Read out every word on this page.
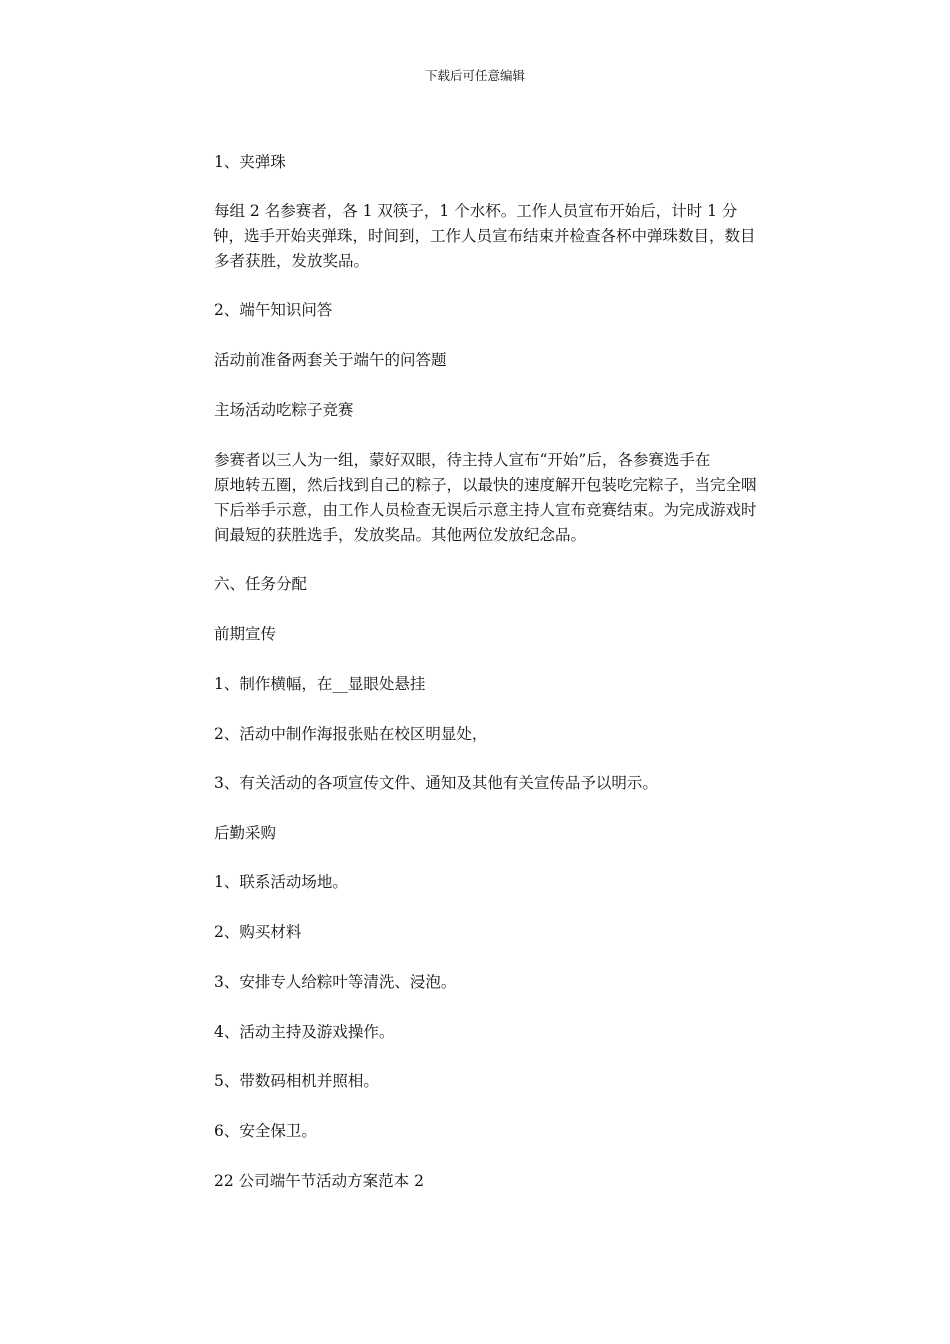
下载后可任意编辑

1、夹弹珠

每组 2 名参赛者，各 1 双筷子，1 个水杯。工作人员宣布开始后，计时 1 分
钟，选手开始夹弹珠，时间到，工作人员宣布结束并检查各杯中弹珠数目，数目
多者获胜，发放奖品。

2、端午知识问答

活动前准备两套关于端午的问答题

主场活动吃粽子竞赛

参赛者以三人为一组，蒙好双眼，待主持人宣布“开始”后，各参赛选手在
原地转五圈，然后找到自己的粽子，以最快的速度解开包装吃完粽子，当完全咽
下后举手示意，由工作人员检查无误后示意主持人宣布竞赛结束。为完成游戏时
间最短的获胜选手，发放奖品。其他两位发放纪念品。

六、任务分配

前期宣传

1、制作横幅，在__显眼处悬挂

2、活动中制作海报张贴在校区明显处，

3、有关活动的各项宣传文件、通知及其他有关宣传品予以明示。

后勤采购

1、联系活动场地。

2、购买材料

3、安排专人给粽叶等清洗、浸泡。

4、活动主持及游戏操作。

5、带数码相机并照相。

6、安全保卫。

22 公司端午节活动方案范本 2
